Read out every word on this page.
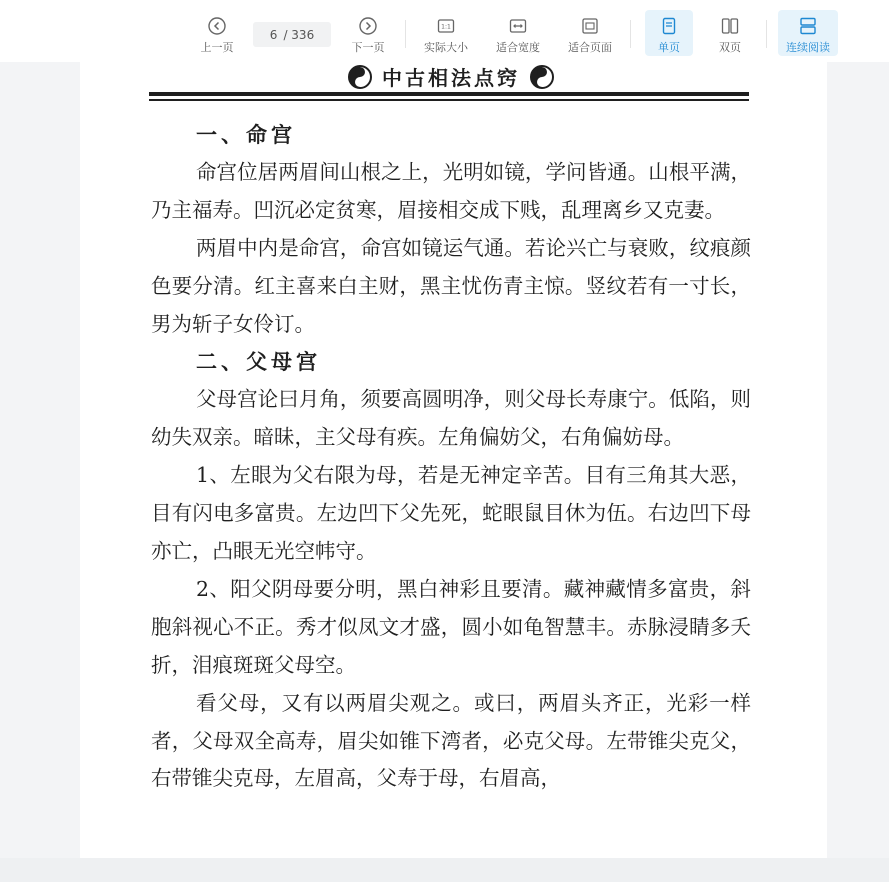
上一页
6 / 336
下一页
1:1
实际大小	适合宽度	适合页面	单页	双页	连续阅读
中古相法点窍
一、命宫

命宫位居两眉间山根之上，光明如镜，学问皆通。山根平满，乃主福寿。凹沉必定贫寒，眉接相交成下贱，乱理离乡又克妻。

两眉中内是命宫，命宫如镜运气通。若论兴亡与衰败，纹痕颜色要分清。红主喜来白主财，黑主忧伤青主惊。竖纹若有一寸长，男为斩子女伶订。

二、父母宫

父母宫论曰月角，须要高圆明净，则父母长寿康宁。低陷，则幼失双亲。暗昧，主父母有疾。左角偏妨父，右角偏妨母。

1、左眼为父右限为母，若是无神定辛苦。目有三角其大恶，目有闪电多富贵。左边凹下父先死，蛇眼鼠目休为伍。右边凹下母亦亡，凸眼无光空帏守。

2、阳父阴母要分明，黑白神彩且要清。藏神藏情多富贵，斜胞斜视心不正。秀才似凤文才盛，圆小如龟智慧丰。赤脉浸睛多夭折，泪痕斑斑父母空。

看父母，又有以两眉尖观之。或曰，两眉头齐正，光彩一样者，父母双全高寿，眉尖如锥下湾者，必克父母。左带锥尖克父，右带锥尖克母，左眉高，父寿于母，右眉高，
